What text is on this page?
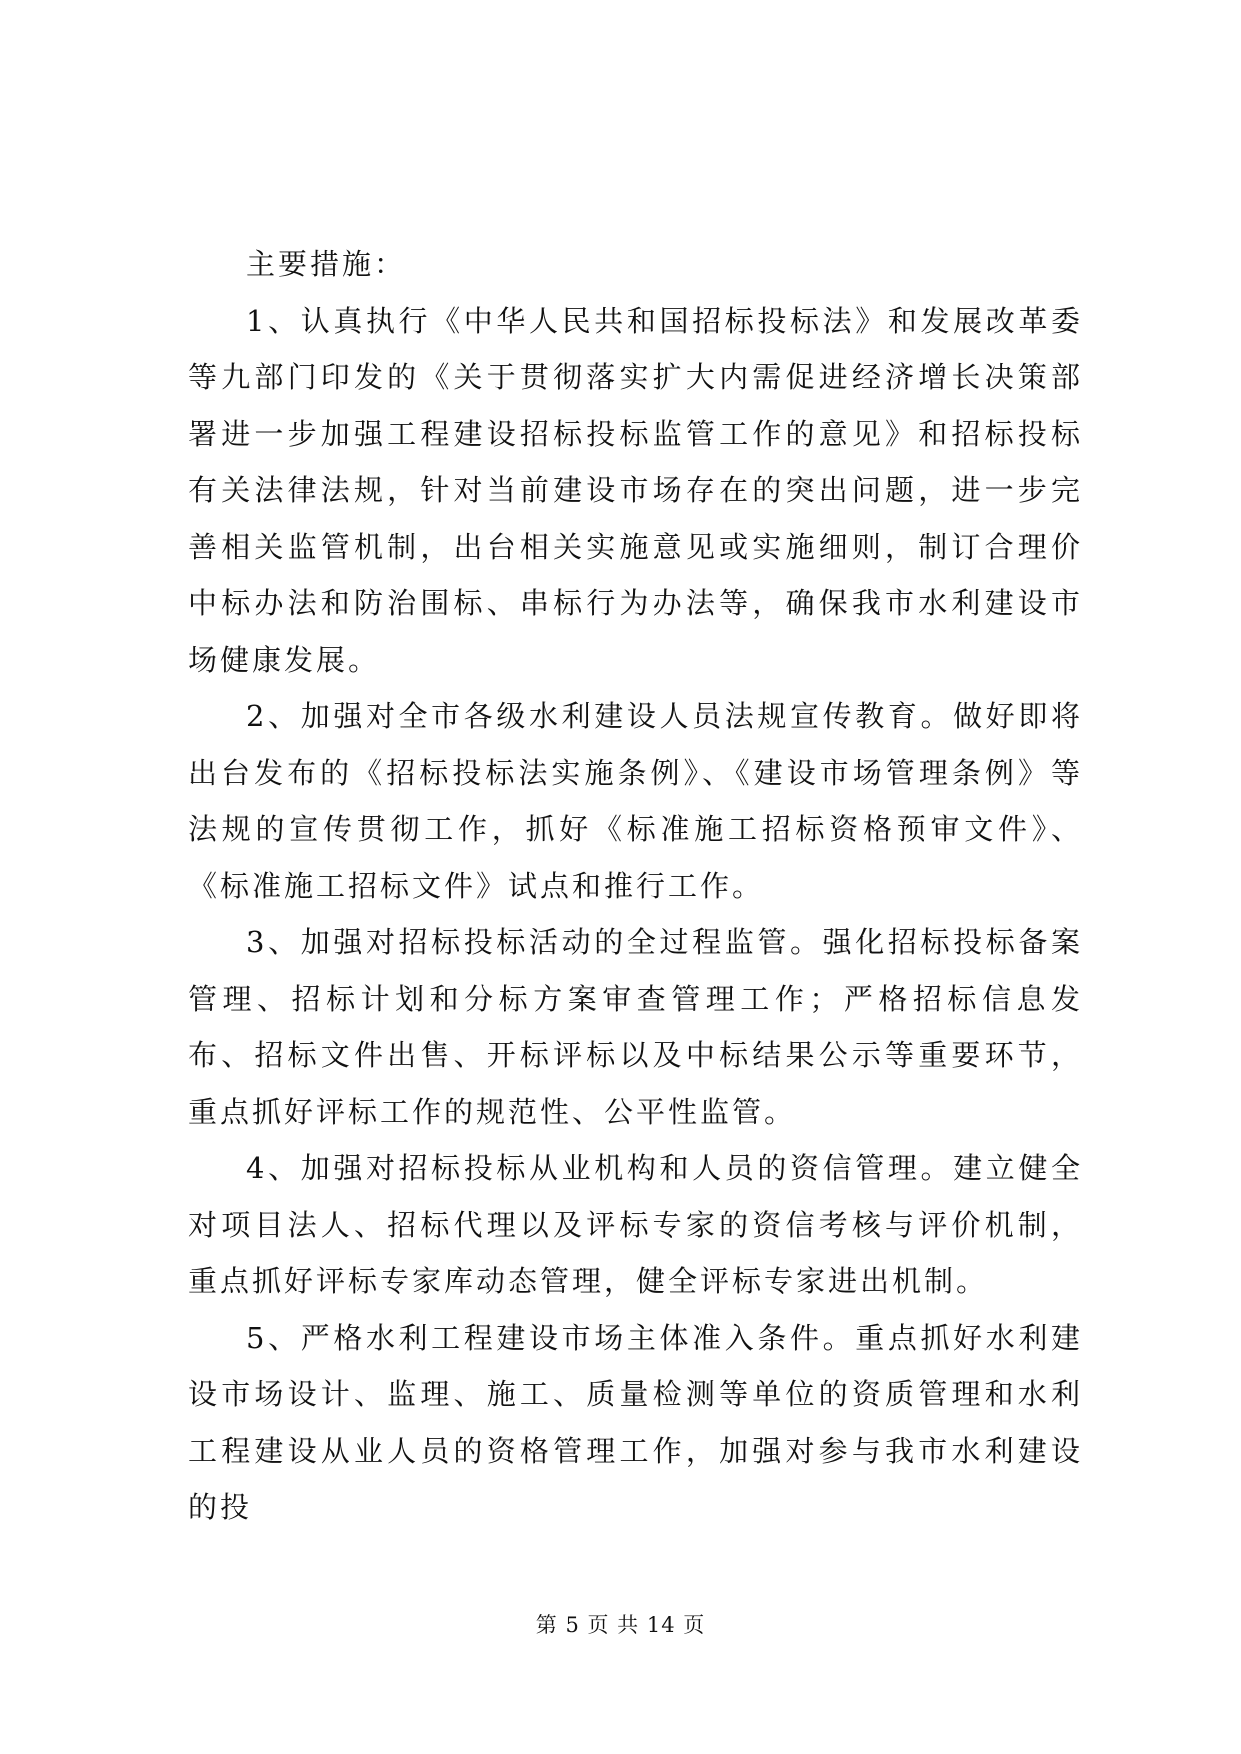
主要措施：

1、认真执行《中华人民共和国招标投标法》和发展改革委等九部门印发的《关于贯彻落实扩大内需促进经济增长决策部署进一步加强工程建设招标投标监管工作的意见》和招标投标有关法律法规，针对当前建设市场存在的突出问题，进一步完善相关监管机制，出台相关实施意见或实施细则，制订合理价中标办法和防治围标、串标行为办法等，确保我市水利建设市场健康发展。

2、加强对全市各级水利建设人员法规宣传教育。做好即将出台发布的《招标投标法实施条例》、《建设市场管理条例》等法规的宣传贯彻工作，抓好《标准施工招标资格预审文件》、《标准施工招标文件》试点和推行工作。

3、加强对招标投标活动的全过程监管。强化招标投标备案管理、招标计划和分标方案审查管理工作；严格招标信息发布、招标文件出售、开标评标以及中标结果公示等重要环节，重点抓好评标工作的规范性、公平性监管。

4、加强对招标投标从业机构和人员的资信管理。建立健全对项目法人、招标代理以及评标专家的资信考核与评价机制，重点抓好评标专家库动态管理，健全评标专家进出机制。

5、严格水利工程建设市场主体准入条件。重点抓好水利建设市场设计、监理、施工、质量检测等单位的资质管理和水利工程建设从业人员的资格管理工作，加强对参与我市水利建设的投

第 5 页 共 14 页
